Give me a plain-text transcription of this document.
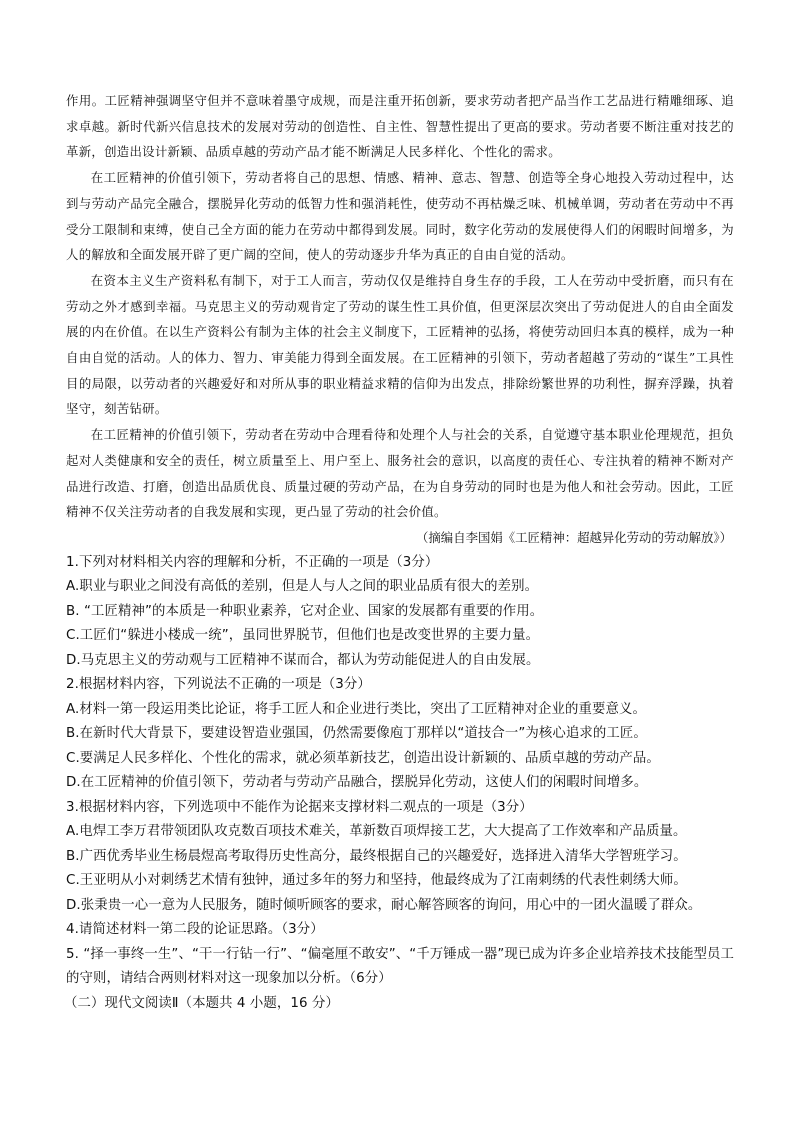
作用。工匠精神强调坚守但并不意味着墨守成规，而是注重开拓创新，要求劳动者把产品当作工艺品进行精雕细琢、追求卓越。新时代新兴信息技术的发展对劳动的创造性、自主性、智慧性提出了更高的要求。劳动者要不断注重对技艺的革新，创造出设计新颖、品质卓越的劳动产品才能不断满足人民多样化、个性化的需求。

在工匠精神的价值引领下，劳动者将自己的思想、情感、精神、意志、智慧、创造等全身心地投入劳动过程中，达到与劳动产品完全融合，摆脱异化劳动的低智力性和强消耗性，使劳动不再枯燥乏味、机械单调，劳动者在劳动中不再受分工限制和束缚，使自己全方面的能力在劳动中都得到发展。同时，数字化劳动的发展使得人们的闲暇时间增多，为人的解放和全面发展开辟了更广阔的空间，使人的劳动逐步升华为真正的自由自觉的活动。

在资本主义生产资料私有制下，对于工人而言，劳动仅仅是维持自身生存的手段，工人在劳动中受折磨，而只有在劳动之外才感到幸福。马克思主义的劳动观肯定了劳动的谋生性工具价值，但更深层次突出了劳动促进人的自由全面发展的内在价值。在以生产资料公有制为主体的社会主义制度下，工匠精神的弘扬，将使劳动回归本真的模样，成为一种自由自觉的活动。人的体力、智力、审美能力得到全面发展。在工匠精神的引领下，劳动者超越了劳动的“谋生”工具性目的局限，以劳动者的兴趣爱好和对所从事的职业精益求精的信仰为出发点，排除纷繁世界的功利性，摒弃浮躁，执着坚守，刻苦钻研。

在工匠精神的价值引领下，劳动者在劳动中合理看待和处理个人与社会的关系，自觉遵守基本职业伦理规范，担负起对人类健康和安全的责任，树立质量至上、用户至上、服务社会的意识，以高度的责任心、专注执着的精神不断对产品进行改造、打磨，创造出品质优良、质量过硬的劳动产品，在为自身劳动的同时也是为他人和社会劳动。因此，工匠精神不仅关注劳动者的自我发展和实现，更凸显了劳动的社会价值。

（摘编自李国娟《工匠精神：超越异化劳动的劳动解放》）

1.下列对材料相关内容的理解和分析，不正确的一项是（3分）

A.职业与职业之间没有高低的差别，但是人与人之间的职业品质有很大的差别。

B. “工匠精神”的本质是一种职业素养，它对企业、国家的发展都有重要的作用。

C.工匠们“躲进小楼成一统”，虽同世界脱节，但他们也是改变世界的主要力量。

D.马克思主义的劳动观与工匠精神不谋而合，都认为劳动能促进人的自由发展。

2.根据材料内容，下列说法不正确的一项是（3分）

A.材料一第一段运用类比论证，将手工匠人和企业进行类比，突出了工匠精神对企业的重要意义。

B.在新时代大背景下，要建设智造业强国，仍然需要像庖丁那样以“道技合一”为核心追求的工匠。

C.要满足人民多样化、个性化的需求，就必须革新技艺，创造出设计新颖的、品质卓越的劳动产品。

D.在工匠精神的价值引领下，劳动者与劳动产品融合，摆脱异化劳动，这使人们的闲暇时间增多。

3.根据材料内容，下列选项中不能作为论据来支撑材料二观点的一项是（3分）

A.电焊工李万君带领团队攻克数百项技术难关，革新数百项焊接工艺，大大提高了工作效率和产品质量。

B.广西优秀毕业生杨晨煜高考取得历史性高分，最终根据自己的兴趣爱好，选择进入清华大学智班学习。

C.王亚明从小对刺绣艺术情有独钟，通过多年的努力和坚持，他最终成为了江南刺绣的代表性刺绣大师。

D.张秉贵一心一意为人民服务，随时倾听顾客的要求，耐心解答顾客的询问，用心中的一团火温暖了群众。

4.请简述材料一第二段的论证思路。（3分）

5. “择一事终一生”、“干一行钻一行”、“偏毫厘不敢安”、“千万锤成一器”现已成为许多企业培养技术技能型员工的守则，请结合两则材料对这一现象加以分析。（6分）

（二）现代文阅读Ⅱ（本题共 4 小题，16 分）
